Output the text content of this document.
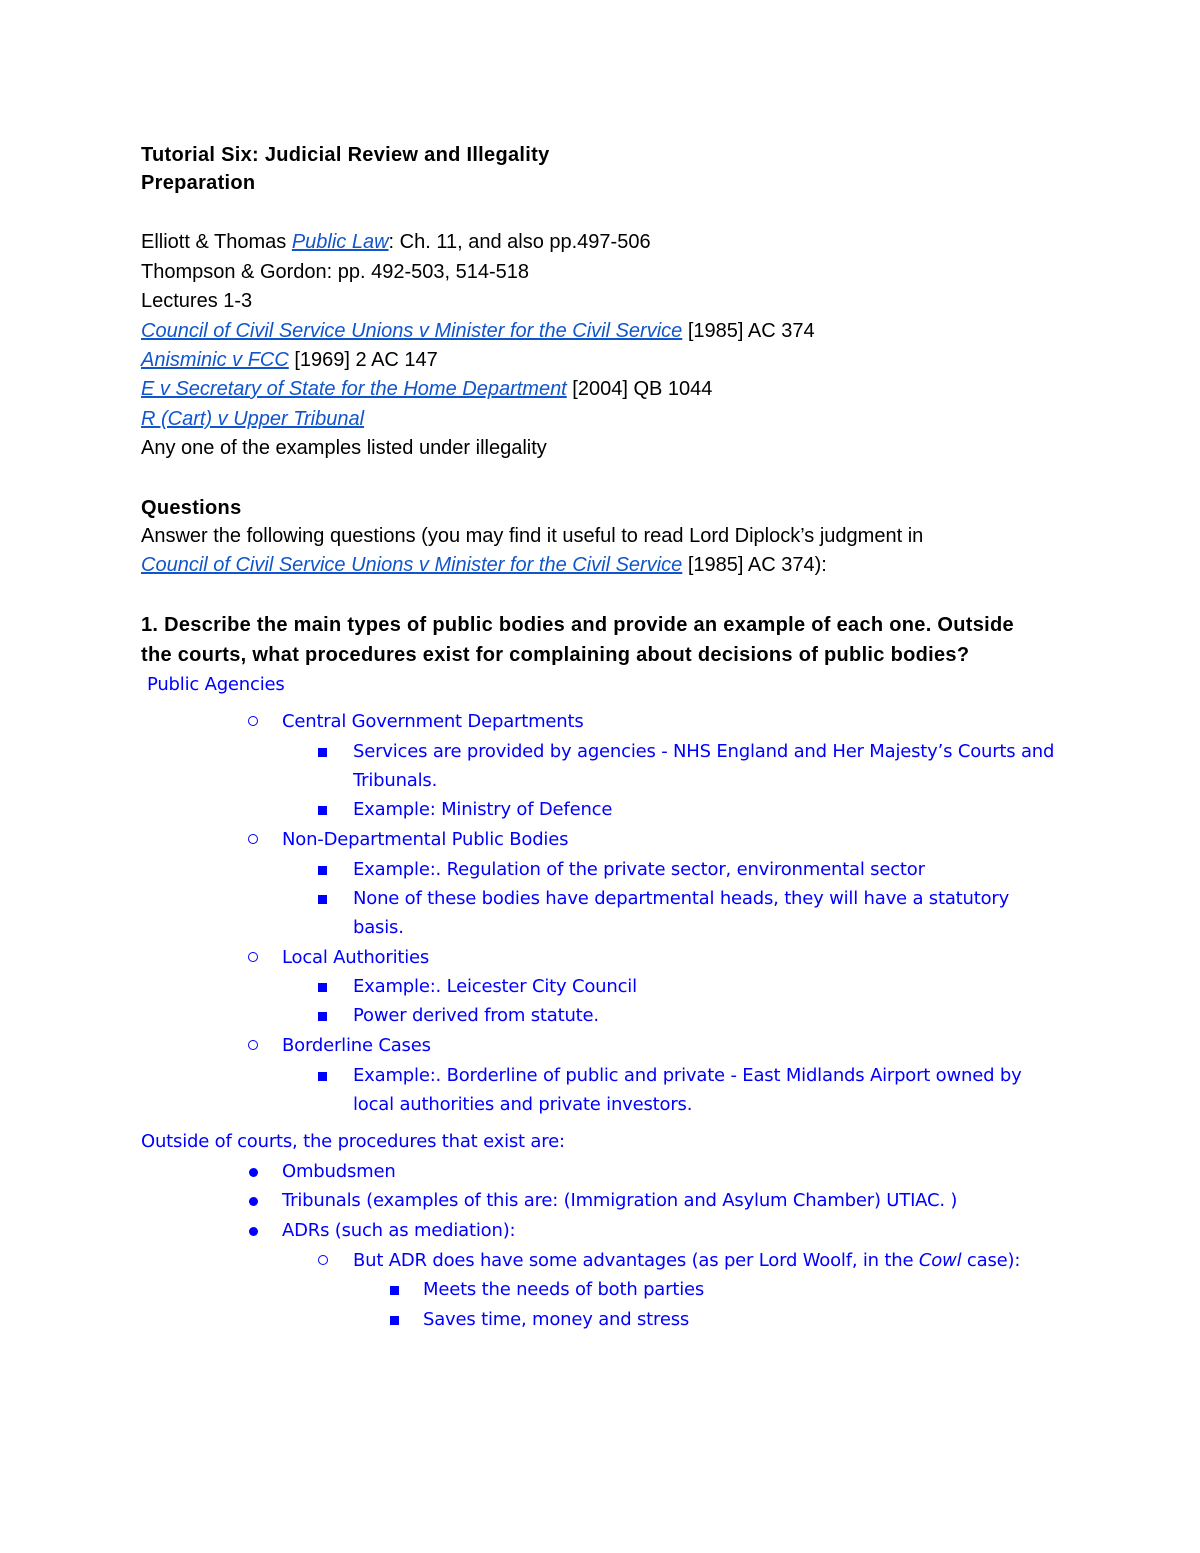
Tutorial Six: Judicial Review and Illegality
Preparation
Elliott & Thomas Public Law: Ch. 11, and also pp.497-506
Thompson & Gordon: pp. 492-503, 514-518
Lectures 1-3
Council of Civil Service Unions v Minister for the Civil Service [1985] AC 374
Anisminic v FCC [1969] 2 AC 147
E v Secretary of State for the Home Department [2004] QB 1044
R (Cart) v Upper Tribunal
Any one of the examples listed under illegality
Questions
Answer the following questions (you may find it useful to read Lord Diplock’s judgment in
Council of Civil Service Unions v Minister for the Civil Service [1985] AC 374):
1. Describe the main types of public bodies and provide an example of each one. Outside
the courts, what procedures exist for complaining about decisions of public bodies?
Public Agencies
Central Government Departments
Services are provided by agencies - NHS England and Her Majesty’s Courts and
Tribunals.
Example: Ministry of Defence
Non-Departmental Public Bodies
Example:. Regulation of the private sector, environmental sector
None of these bodies have departmental heads, they will have a statutory
basis.
Local Authorities
Example:. Leicester City Council
Power derived from statute.
Borderline Cases
Example:. Borderline of public and private - East Midlands Airport owned by
local authorities and private investors.
Outside of courts, the procedures that exist are:
Ombudsmen
Tribunals (examples of this are: (Immigration and Asylum Chamber) UTIAC. )
ADRs (such as mediation):
But ADR does have some advantages (as per Lord Woolf, in the Cowl case):
Meets the needs of both parties
Saves time, money and stress
